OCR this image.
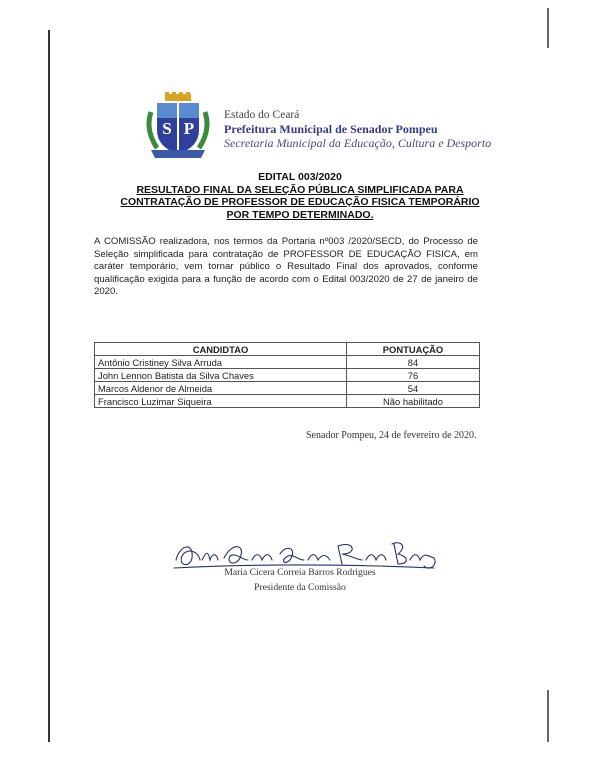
S P
Estado do Ceará
Prefeitura Municipal de Senador Pompeu
Secretaria Municipal da Educação, Cultura e Desporto
EDITAL 003/2020
RESULTADO FINAL DA SELEÇÃO PÚBLICA SIMPLIFICADA PARA
CONTRATAÇÃO DE PROFESSOR DE EDUCAÇÃO FISICA TEMPORÁRIO
POR TEMPO DETERMINADO.
A COMISSÃO realizadora, nos termos da Portaria nº003 /2020/SECD, do Processo de Seleção simplificada para contratação de PROFESSOR DE EDUCAÇÃO FISICA, em caráter temporário, vem tornar público o Resultado Final dos aprovados, conforme qualificação exigida para a função de acordo com o Edital 003/2020 de 27 de janeiro de 2020.
CANDIDTAO	PONTUAÇÃO
Antônio Cristiney Silva Arruda	84
John Lennon Batista da Silva Chaves	76
Marcos Aldenor de Almeida	54
Francisco Luzimar Siqueira	Não habilitado
Senador Pompeu, 24 de fevereiro de 2020.
Maria Cícera Correia Barros Rodrigues
Presidente da Comissão
